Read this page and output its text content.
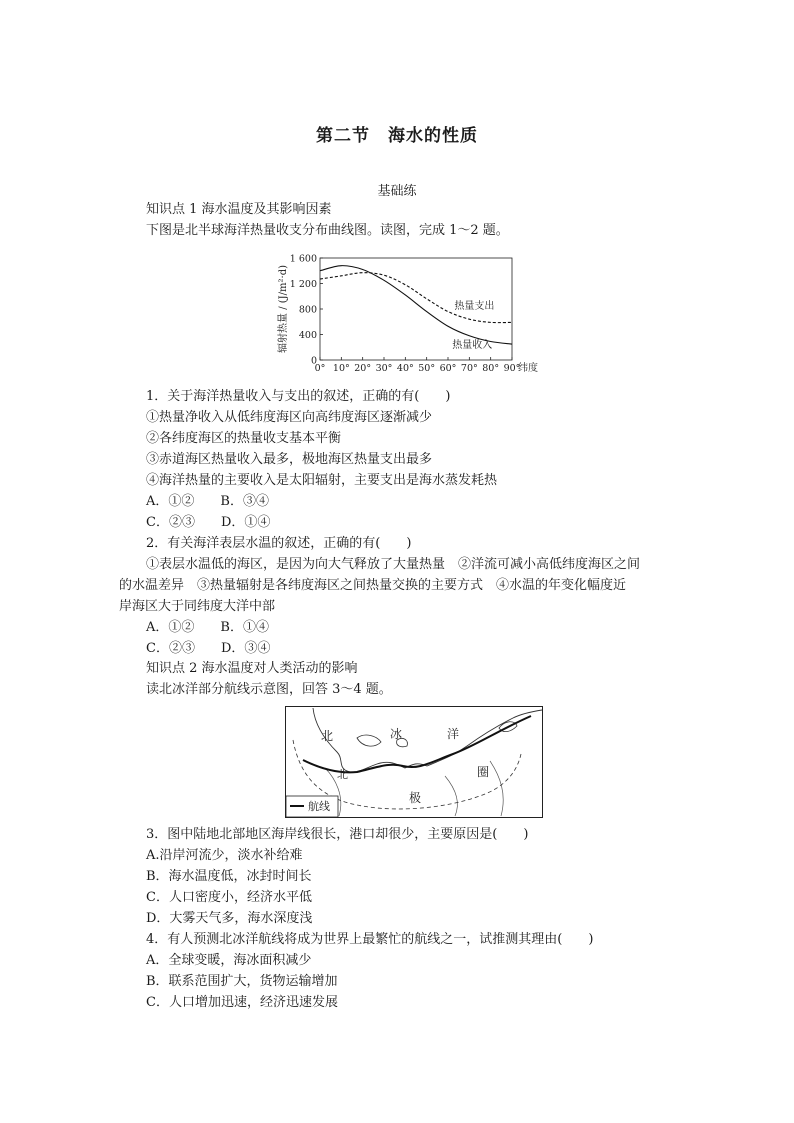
第二节　海水的性质
基础练
知识点 1 海水温度及其影响因素
下图是北半球海洋热量收支分布曲线图。读图，完成 1～2 题。
0
400
800
1 200
1 600
0° 10° 20° 30° 40° 50° 60° 70° 80° 90°
纬度
辐射热量 / (J/m²·d)	热量收入
热量支出
1．关于海洋热量收入与支出的叙述，正确的有(　　)
①热量净收入从低纬度海区向高纬度海区逐渐减少
②各纬度海区的热量收支基本平衡
③赤道海区热量收入最多，极地海区热量支出最多
④海洋热量的主要收入是太阳辐射，主要支出是海水蒸发耗热
A．①②　　B．③④
C．②③　　D．①④
2．有关海洋表层水温的叙述，正确的有(　　)
①表层水温低的海区，是因为向大气释放了大量热量　②洋流可减小高低纬度海区之间
的水温差异　③热量辐射是各纬度海区之间热量交换的主要方式　④水温的年变化幅度近
岸海区大于同纬度大洋中部
A．①②　　B．①④
C．②③　　D．③④
知识点 2 海水温度对人类活动的影响
读北冰洋部分航线示意图，回答 3～4 题。
北	冰	洋
圈
北
极
航线
3．图中陆地北部地区海岸线很长，港口却很少，主要原因是(　　)
A.沿岸河流少，淡水补给难
B．海水温度低，冰封时间长
C．人口密度小，经济水平低
D．大雾天气多，海水深度浅
4．有人预测北冰洋航线将成为世界上最繁忙的航线之一，试推测其理由(　　)
A．全球变暖，海冰面积减少
B．联系范围扩大，货物运输增加
C．人口增加迅速，经济迅速发展
